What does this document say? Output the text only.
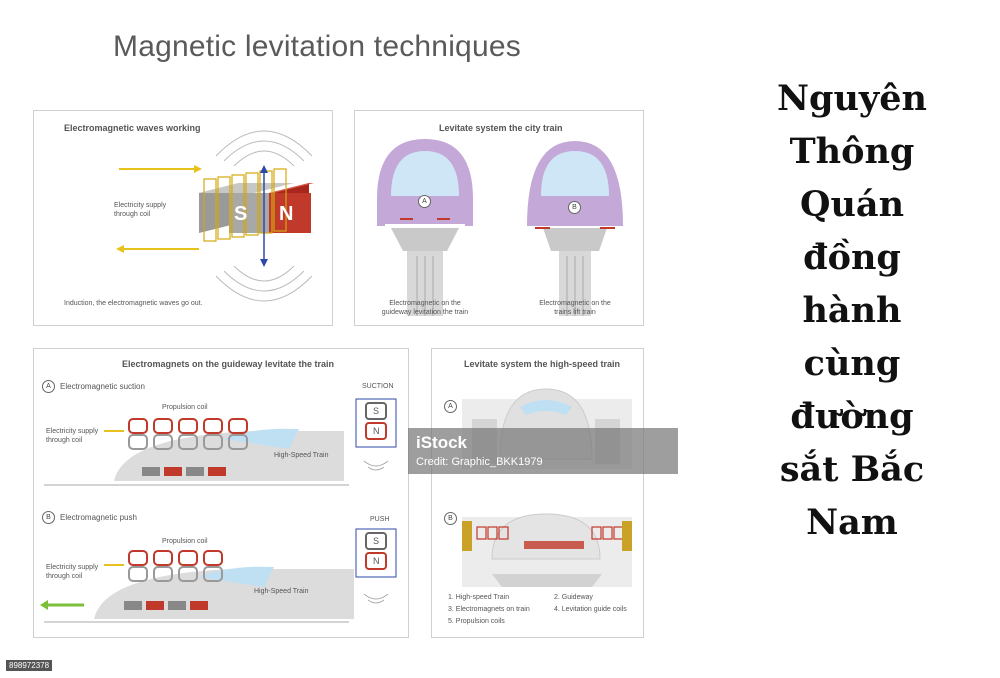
Magnetic levitation techniques
Electromagnetic waves working
Electricity supply
through coil	S N
Induction, the electromagnetic waves go out.
Levitate system the city train
A
B
Electromagnetic on the
guideway levitation the train
Electromagnetic on the
trains lift train
Electromagnets on the guideway levitate the train
A	Electromagnetic suction
Propulsion coil
Electricity supply
through coil
High-Speed Train
SUCTION
S
N
B	Electromagnetic push
Propulsion coil
Electricity supply
through coil
High-Speed Train
PUSH
S
N
Levitate system the high-speed train
A
B
1. High-speed Train	2. Guideway
3. Electromagnets on train	4. Levitation guide coils
5. Propulsion coils
iStock
Credit: Graphic_BKK1979
898972378
Nguyên Thông Quán đồng hành cùng đường sắt Bắc Nam
